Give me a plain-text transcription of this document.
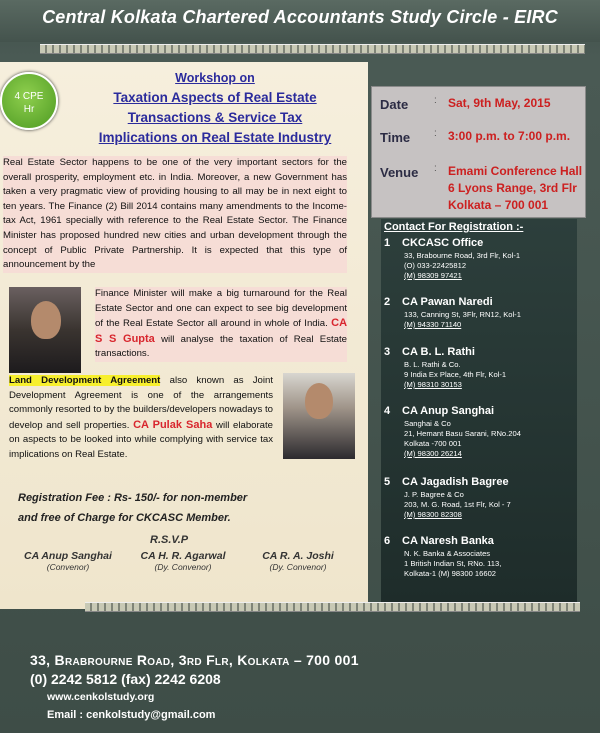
Central Kolkata Chartered Accountants Study Circle - EIRC
4 CPE
Hr
Workshop on
Taxation Aspects of Real Estate
Transactions & Service Tax
Implications on Real Estate Industry
Real Estate Sector happens to be one of the very important sectors for the overall prosperity, employment etc. in India. Moreover, a new Government has taken a very pragmatic view of providing housing to all may be in next eight to ten years. The Finance (2) Bill 2014 contains many amendments to the Income-tax Act, 1961 specially with reference to the Real Estate Sector. The Finance Minister has proposed hundred new cities and urban development through the concept of Public Private Partnership. It is expected that this type of announcement by the
Finance Minister will make a big turnaround for the Real Estate Sector and one can expect to see big development of the Real Estate Sector all around in whole of India. CA S S Gupta will analyse the taxation of Real Estate transactions.
Land Development Agreement also known as Joint Development Agreement is one of the arrangements commonly resorted to by the builders/developers nowadays to develop and sell properties. CA Pulak Saha will elaborate on aspects to be looked into while complying with service tax implications on Real Estate.
Registration Fee : Rs- 150/- for non-member
and free of Charge for CKCASC Member.
R.S.V.P
CA Anup Sanghai
(Convenor)
CA H. R. Agarwal
(Dy. Convenor)
CA R. A. Joshi
(Dy. Convenor)
Date	: Sat, 9th May, 2015
Time : 3:00 p.m. to 7:00 p.m.
Venue : Emami Conference Hall
6 Lyons Range, 3rd Flr
Kolkata – 700 001
Contact For Registration :-
1 CKCASC Office
33, Brabourne Road, 3rd Flr, Kol-1
(O) 033-22425812
(M) 98309 97421
2 CA Pawan Naredi
133, Canning St, 3Flr, RN12, Kol-1
(M) 94330 71140
3 CA B. L. Rathi
B. L. Rathi & Co.
9 India Ex Place, 4th Flr, Kol-1
(M) 98310 30153
4 CA Anup Sanghai
Sanghai & Co
21, Hemant Basu Sarani, RNo.204
Kolkata -700 001
(M) 98300 26214
5 CA Jagadish Bagree
J. P. Bagree & Co
203, M. G. Road, 1st Flr, Kol - 7
(M) 98300 82308
6 CA Naresh Banka
N. K. Banka & Associates
1 British Indian St, RNo. 113,
Kolkata-1 (M) 98300 16602
33, Brabrourne Road, 3rd Flr, Kolkata – 700 001
(0) 2242 5812 (fax) 2242 6208
www.cenkolstudy.org
Email : cenkolstudy@gmail.com
